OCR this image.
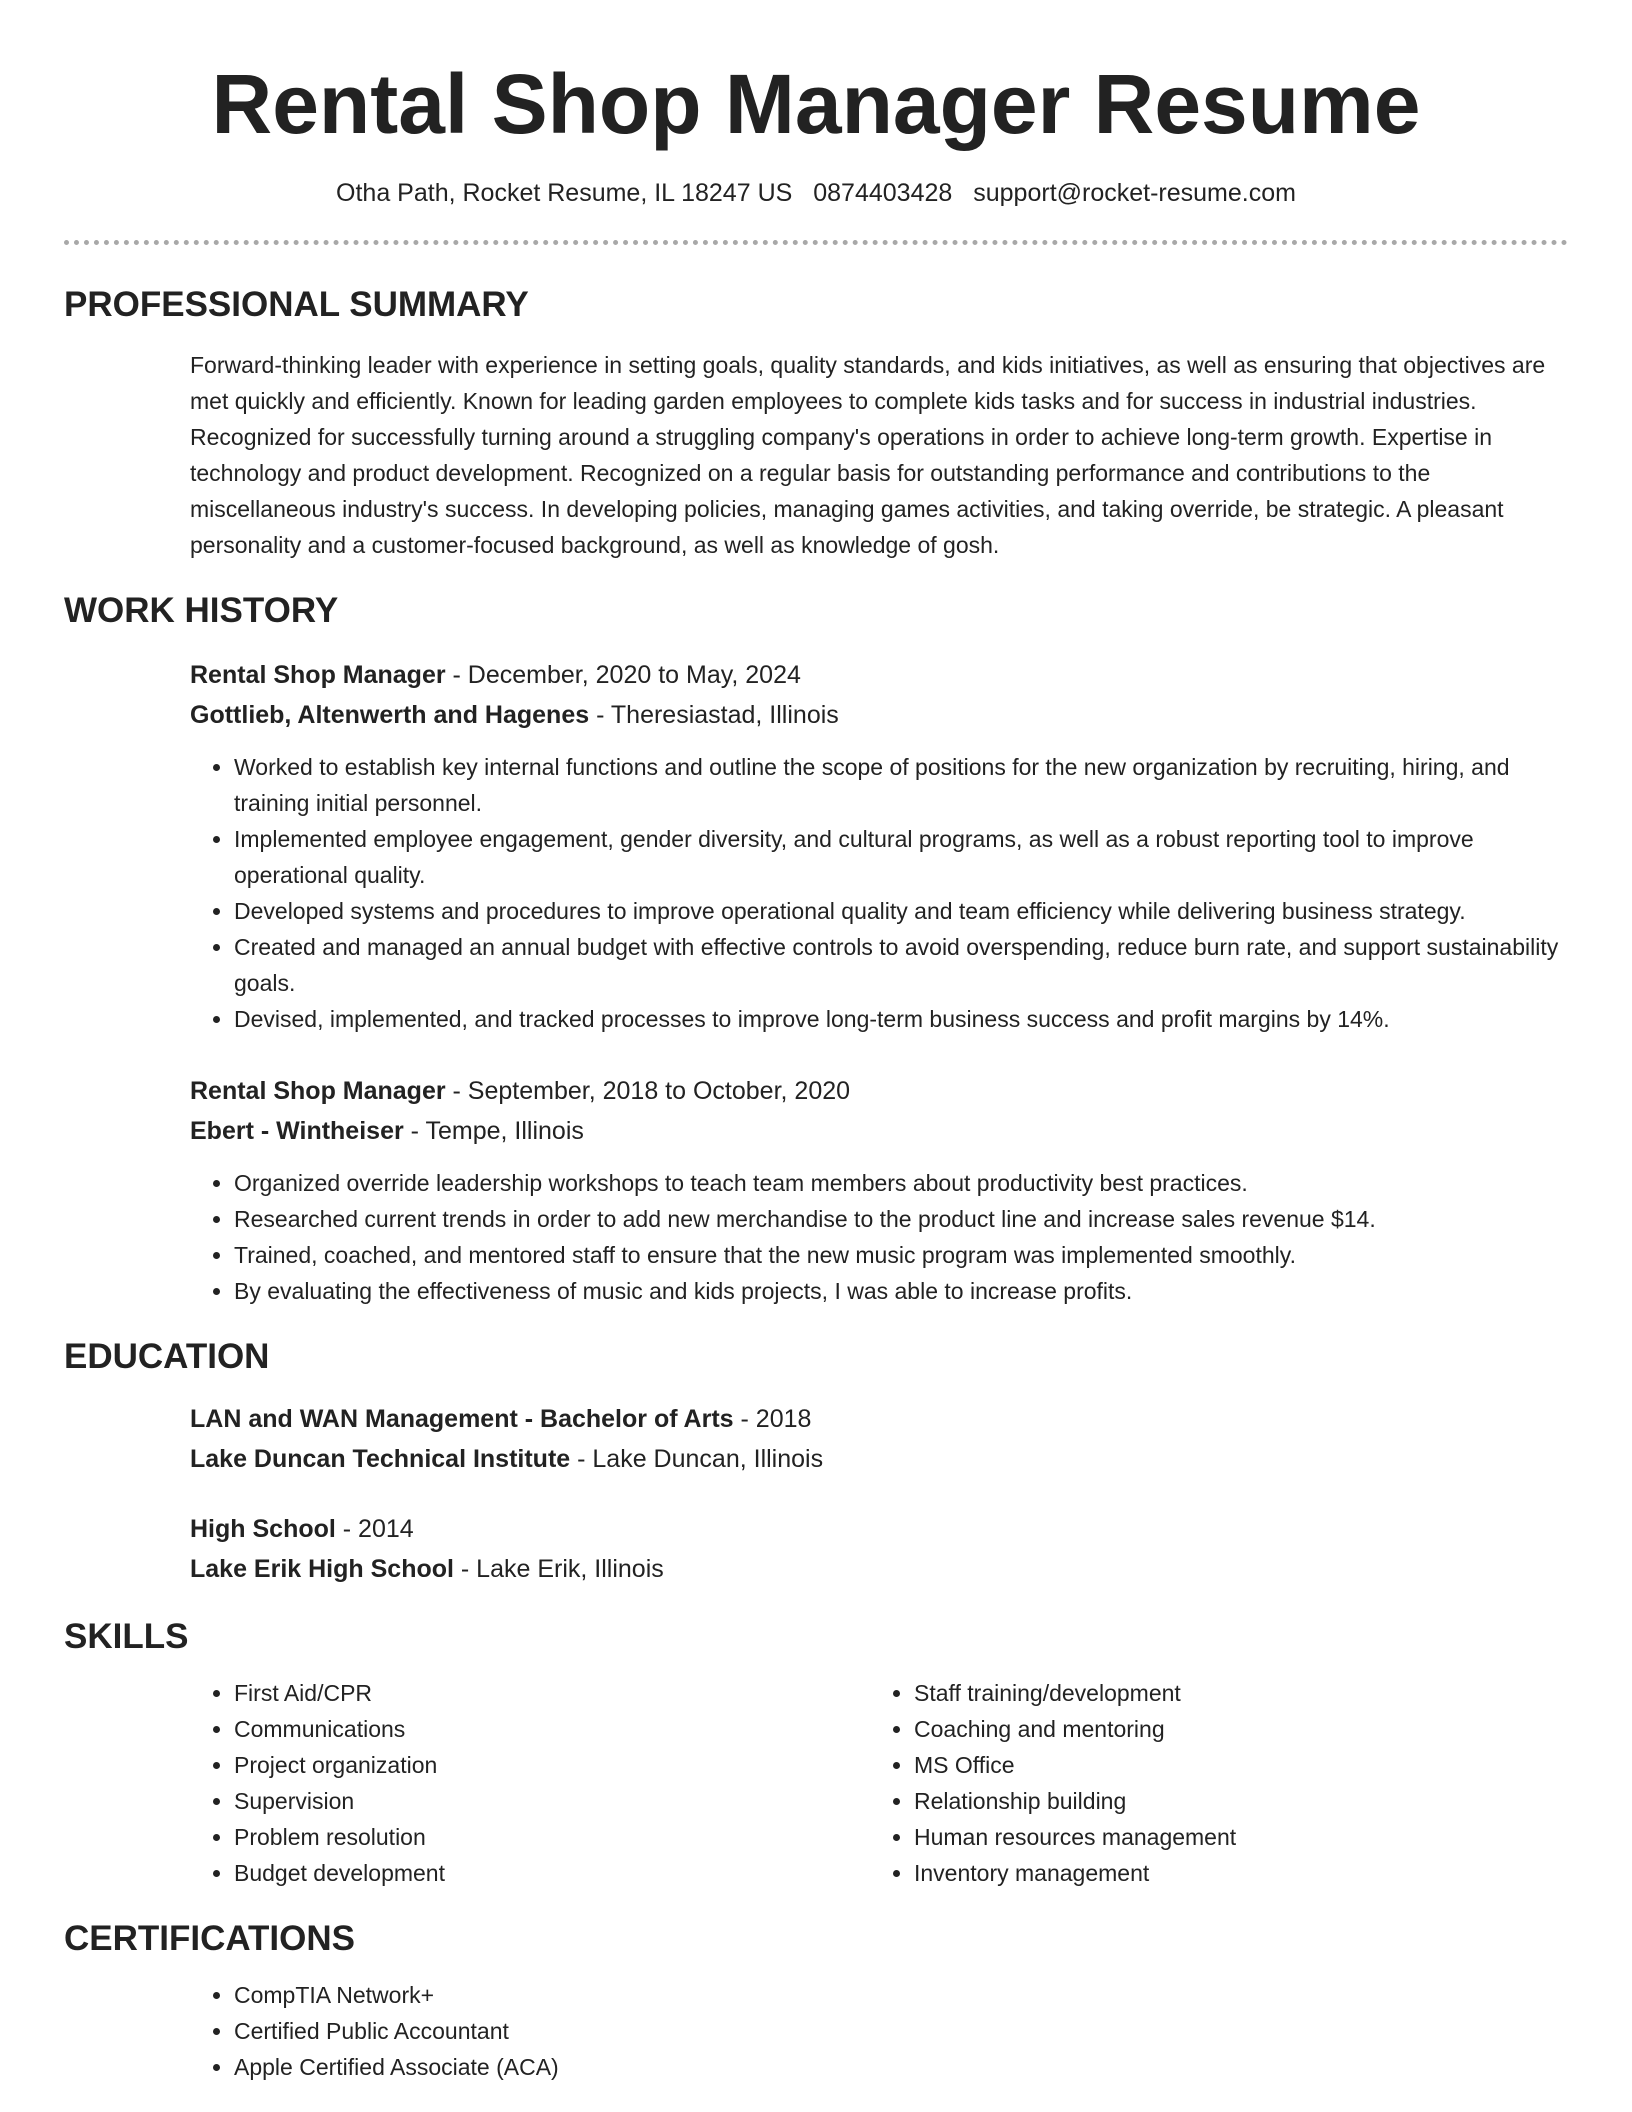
Rental Shop Manager Resume
Otha Path, Rocket Resume, IL 18247 US 0874403428 support@rocket-resume.com
PROFESSIONAL SUMMARY
Forward-thinking leader with experience in setting goals, quality standards, and kids initiatives, as well as ensuring that objectives are met quickly and efficiently. Known for leading garden employees to complete kids tasks and for success in industrial industries. Recognized for successfully turning around a struggling company's operations in order to achieve long-term growth. Expertise in technology and product development. Recognized on a regular basis for outstanding performance and contributions to the miscellaneous industry's success. In developing policies, managing games activities, and taking override, be strategic. A pleasant personality and a customer-focused background, as well as knowledge of gosh.
WORK HISTORY
Rental Shop Manager - December, 2020 to May, 2024
Gottlieb, Altenwerth and Hagenes - Theresiastad, Illinois
• Worked to establish key internal functions and outline the scope of positions for the new organization by recruiting, hiring, and training initial personnel.
• Implemented employee engagement, gender diversity, and cultural programs, as well as a robust reporting tool to improve operational quality.
• Developed systems and procedures to improve operational quality and team efficiency while delivering business strategy.
• Created and managed an annual budget with effective controls to avoid overspending, reduce burn rate, and support sustainability goals.
• Devised, implemented, and tracked processes to improve long-term business success and profit margins by 14%.
Rental Shop Manager - September, 2018 to October, 2020
Ebert - Wintheiser - Tempe, Illinois
• Organized override leadership workshops to teach team members about productivity best practices.
• Researched current trends in order to add new merchandise to the product line and increase sales revenue $14.
• Trained, coached, and mentored staff to ensure that the new music program was implemented smoothly.
• By evaluating the effectiveness of music and kids projects, I was able to increase profits.
EDUCATION
LAN and WAN Management - Bachelor of Arts - 2018
Lake Duncan Technical Institute - Lake Duncan, Illinois
High School - 2014
Lake Erik High School - Lake Erik, Illinois
SKILLS
• First Aid/CPR
• Communications
• Project organization
• Supervision
• Problem resolution
• Budget development
• Staff training/development
• Coaching and mentoring
• MS Office
• Relationship building
• Human resources management
• Inventory management
CERTIFICATIONS
• CompTIA Network+
• Certified Public Accountant
• Apple Certified Associate (ACA)
